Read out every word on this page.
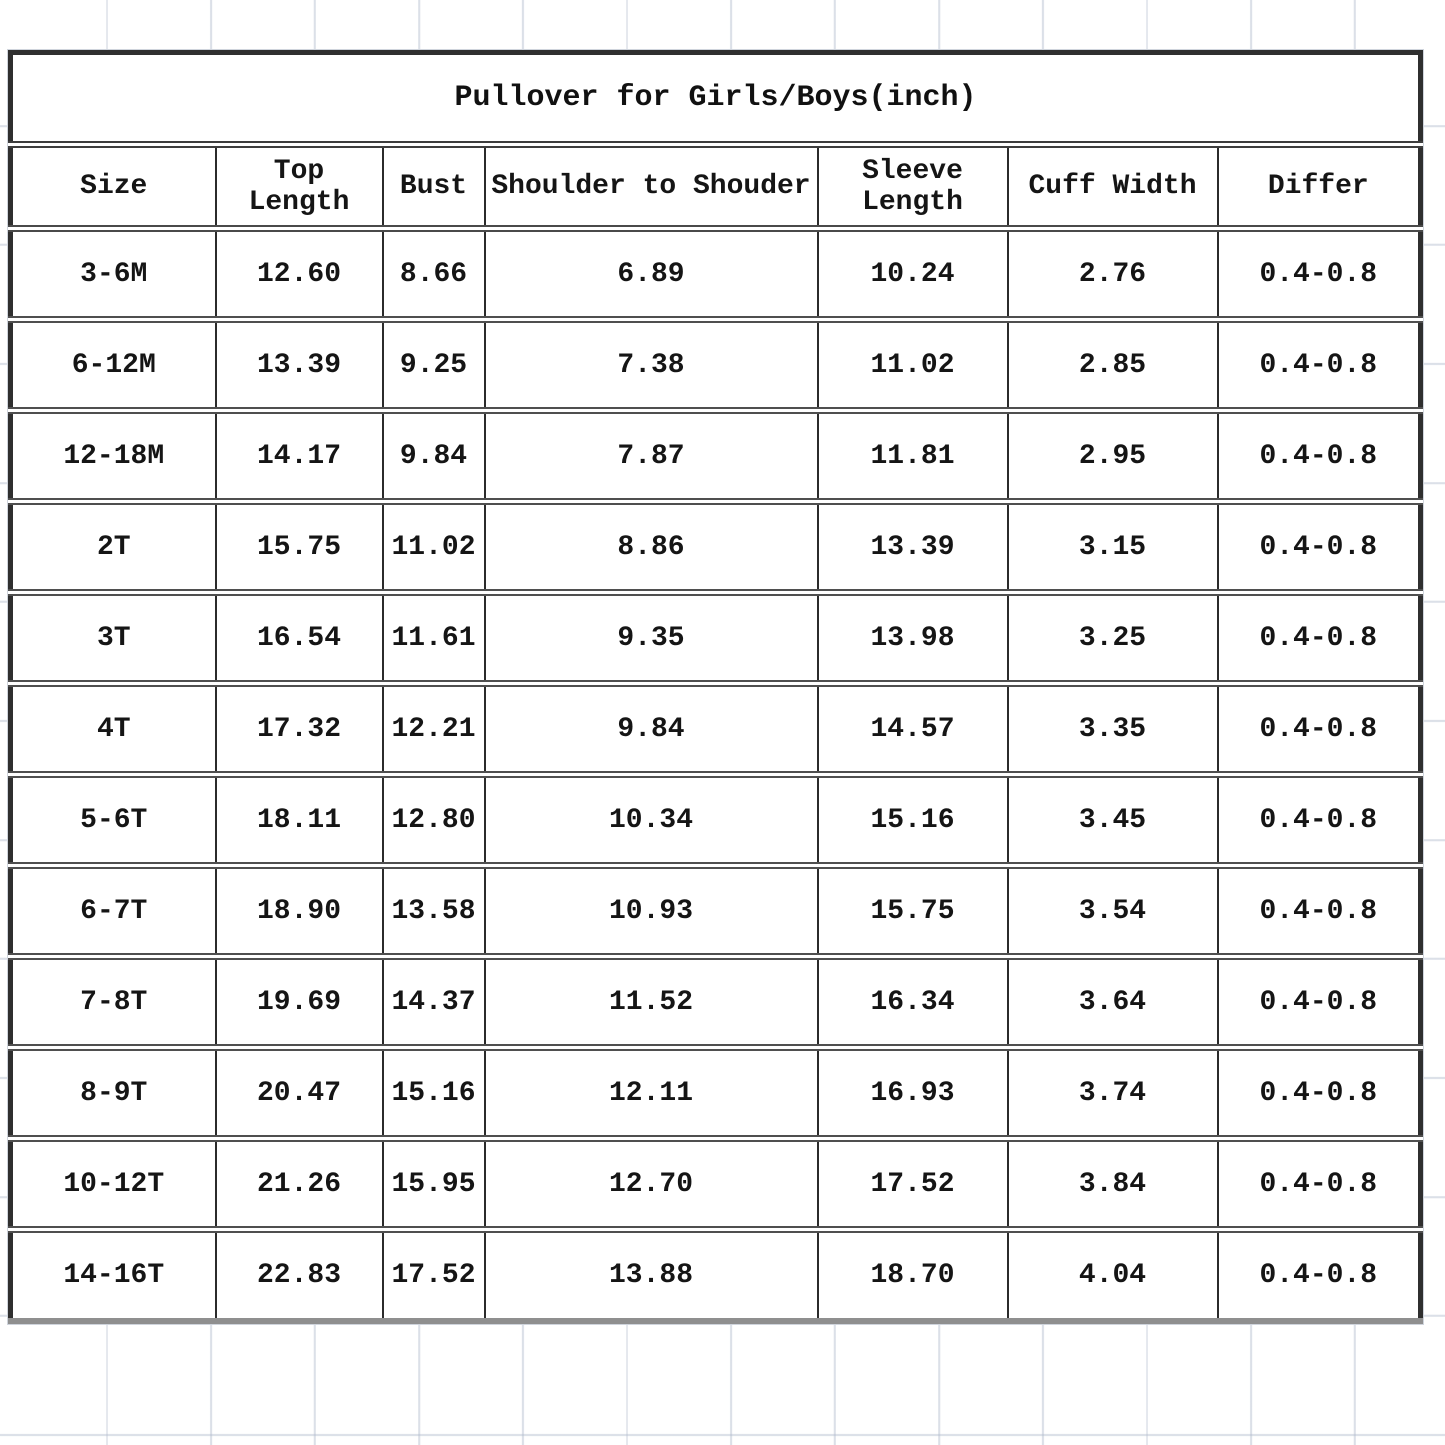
Pullover for Girls/Boys(inch)						
Size	Top Length	Bust	Shoulder to Shouder	Sleeve Length	Cuff Width	Differ
3-6M	12.60	8.66	6.89	10.24	2.76	0.4-0.8
6-12M	13.39	9.25	7.38	11.02	2.85	0.4-0.8
12-18M	14.17	9.84	7.87	11.81	2.95	0.4-0.8
2T	15.75	11.02	8.86	13.39	3.15	0.4-0.8
3T	16.54	11.61	9.35	13.98	3.25	0.4-0.8
4T	17.32	12.21	9.84	14.57	3.35	0.4-0.8
5-6T	18.11	12.80	10.34	15.16	3.45	0.4-0.8
6-7T	18.90	13.58	10.93	15.75	3.54	0.4-0.8
7-8T	19.69	14.37	11.52	16.34	3.64	0.4-0.8
8-9T	20.47	15.16	12.11	16.93	3.74	0.4-0.8
10-12T	21.26	15.95	12.70	17.52	3.84	0.4-0.8
14-16T	22.83	17.52	13.88	18.70	4.04	0.4-0.8
